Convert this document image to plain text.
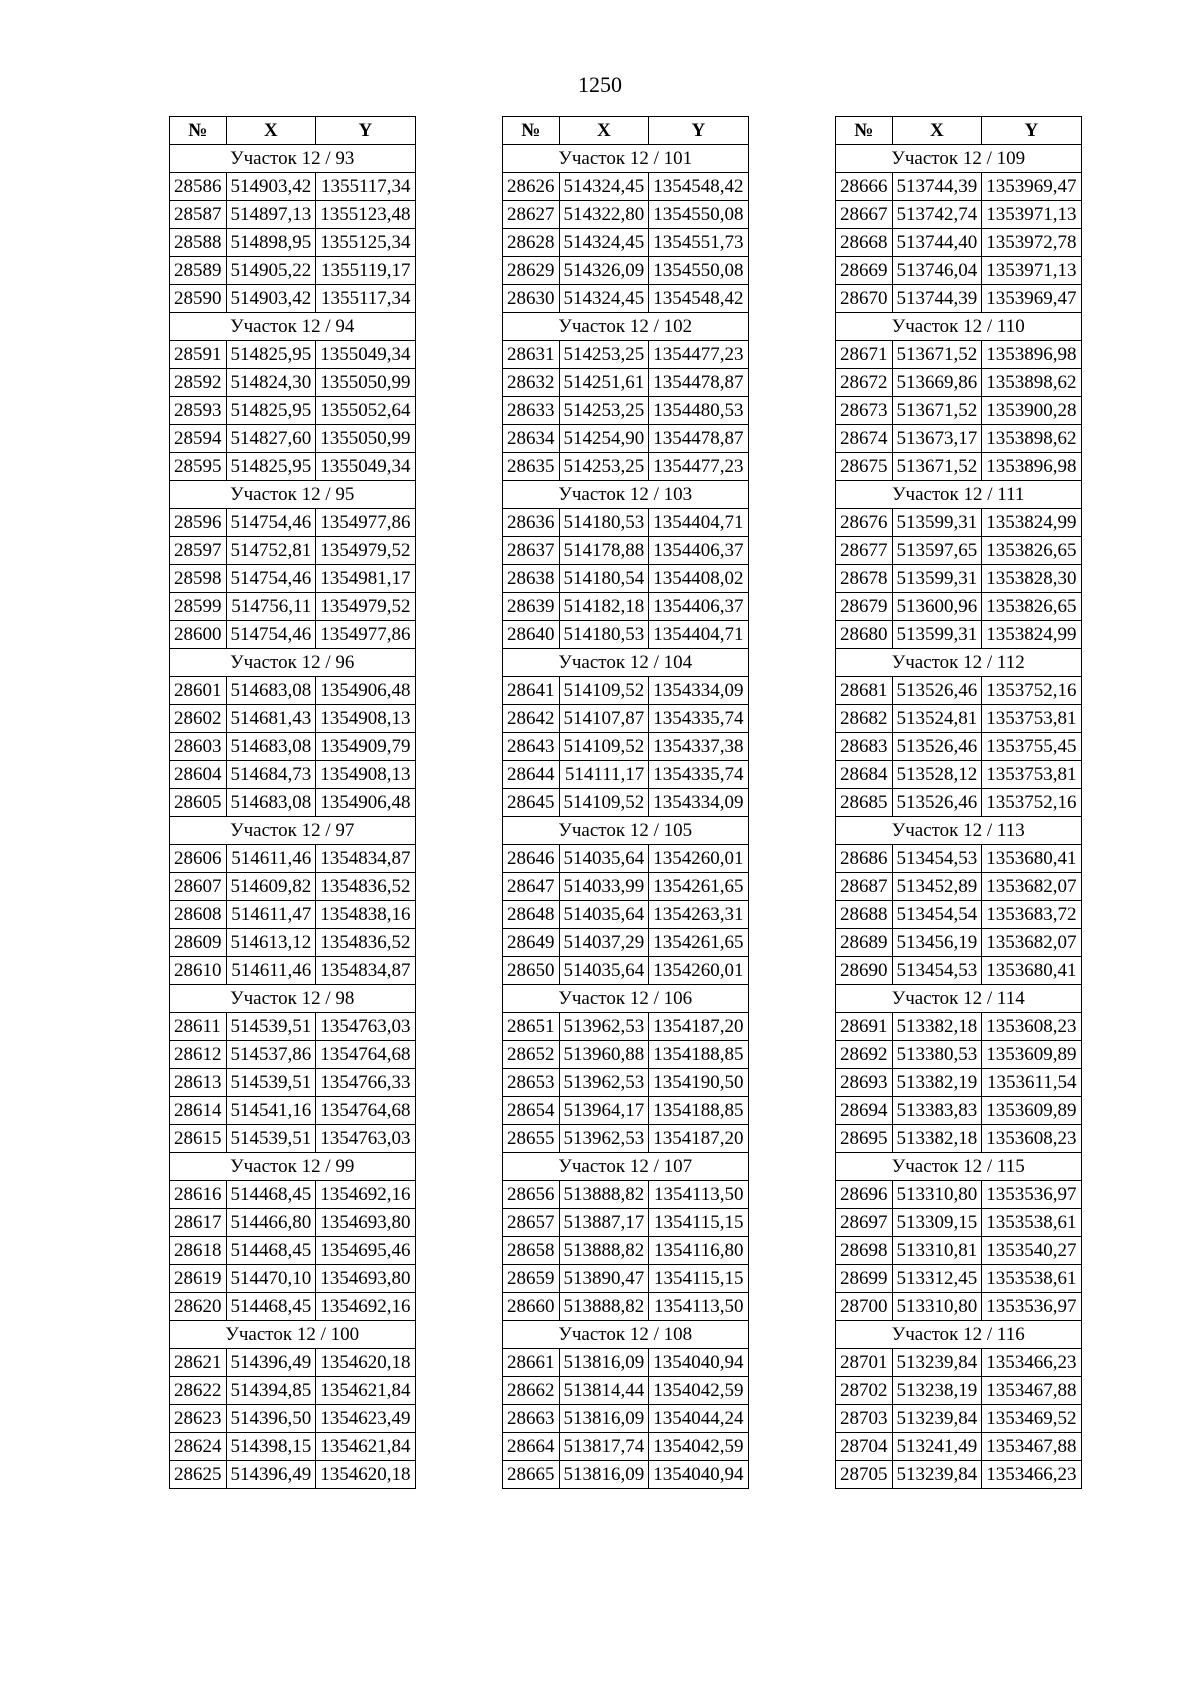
1250
№	X	Y
Участок 12 / 93		
28586	514903,42	1355117,34
28587	514897,13	1355123,48
28588	514898,95	1355125,34
28589	514905,22	1355119,17
28590	514903,42	1355117,34
Участок 12 / 94		
28591	514825,95	1355049,34
28592	514824,30	1355050,99
28593	514825,95	1355052,64
28594	514827,60	1355050,99
28595	514825,95	1355049,34
Участок 12 / 95		
28596	514754,46	1354977,86
28597	514752,81	1354979,52
28598	514754,46	1354981,17
28599	514756,11	1354979,52
28600	514754,46	1354977,86
Участок 12 / 96		
28601	514683,08	1354906,48
28602	514681,43	1354908,13
28603	514683,08	1354909,79
28604	514684,73	1354908,13
28605	514683,08	1354906,48
Участок 12 / 97		
28606	514611,46	1354834,87
28607	514609,82	1354836,52
28608	514611,47	1354838,16
28609	514613,12	1354836,52
28610	514611,46	1354834,87
Участок 12 / 98		
28611	514539,51	1354763,03
28612	514537,86	1354764,68
28613	514539,51	1354766,33
28614	514541,16	1354764,68
28615	514539,51	1354763,03
Участок 12 / 99		
28616	514468,45	1354692,16
28617	514466,80	1354693,80
28618	514468,45	1354695,46
28619	514470,10	1354693,80
28620	514468,45	1354692,16
Участок 12 / 100		
28621	514396,49	1354620,18
28622	514394,85	1354621,84
28623	514396,50	1354623,49
28624	514398,15	1354621,84
28625	514396,49	1354620,18
№	X	Y
Участок 12 / 101		
28626	514324,45	1354548,42
28627	514322,80	1354550,08
28628	514324,45	1354551,73
28629	514326,09	1354550,08
28630	514324,45	1354548,42
Участок 12 / 102		
28631	514253,25	1354477,23
28632	514251,61	1354478,87
28633	514253,25	1354480,53
28634	514254,90	1354478,87
28635	514253,25	1354477,23
Участок 12 / 103		
28636	514180,53	1354404,71
28637	514178,88	1354406,37
28638	514180,54	1354408,02
28639	514182,18	1354406,37
28640	514180,53	1354404,71
Участок 12 / 104		
28641	514109,52	1354334,09
28642	514107,87	1354335,74
28643	514109,52	1354337,38
28644	514111,17	1354335,74
28645	514109,52	1354334,09
Участок 12 / 105		
28646	514035,64	1354260,01
28647	514033,99	1354261,65
28648	514035,64	1354263,31
28649	514037,29	1354261,65
28650	514035,64	1354260,01
Участок 12 / 106		
28651	513962,53	1354187,20
28652	513960,88	1354188,85
28653	513962,53	1354190,50
28654	513964,17	1354188,85
28655	513962,53	1354187,20
Участок 12 / 107		
28656	513888,82	1354113,50
28657	513887,17	1354115,15
28658	513888,82	1354116,80
28659	513890,47	1354115,15
28660	513888,82	1354113,50
Участок 12 / 108		
28661	513816,09	1354040,94
28662	513814,44	1354042,59
28663	513816,09	1354044,24
28664	513817,74	1354042,59
28665	513816,09	1354040,94
№	X	Y
Участок 12 / 109		
28666	513744,39	1353969,47
28667	513742,74	1353971,13
28668	513744,40	1353972,78
28669	513746,04	1353971,13
28670	513744,39	1353969,47
Участок 12 / 110		
28671	513671,52	1353896,98
28672	513669,86	1353898,62
28673	513671,52	1353900,28
28674	513673,17	1353898,62
28675	513671,52	1353896,98
Участок 12 / 111		
28676	513599,31	1353824,99
28677	513597,65	1353826,65
28678	513599,31	1353828,30
28679	513600,96	1353826,65
28680	513599,31	1353824,99
Участок 12 / 112		
28681	513526,46	1353752,16
28682	513524,81	1353753,81
28683	513526,46	1353755,45
28684	513528,12	1353753,81
28685	513526,46	1353752,16
Участок 12 / 113		
28686	513454,53	1353680,41
28687	513452,89	1353682,07
28688	513454,54	1353683,72
28689	513456,19	1353682,07
28690	513454,53	1353680,41
Участок 12 / 114		
28691	513382,18	1353608,23
28692	513380,53	1353609,89
28693	513382,19	1353611,54
28694	513383,83	1353609,89
28695	513382,18	1353608,23
Участок 12 / 115		
28696	513310,80	1353536,97
28697	513309,15	1353538,61
28698	513310,81	1353540,27
28699	513312,45	1353538,61
28700	513310,80	1353536,97
Участок 12 / 116		
28701	513239,84	1353466,23
28702	513238,19	1353467,88
28703	513239,84	1353469,52
28704	513241,49	1353467,88
28705	513239,84	1353466,23
